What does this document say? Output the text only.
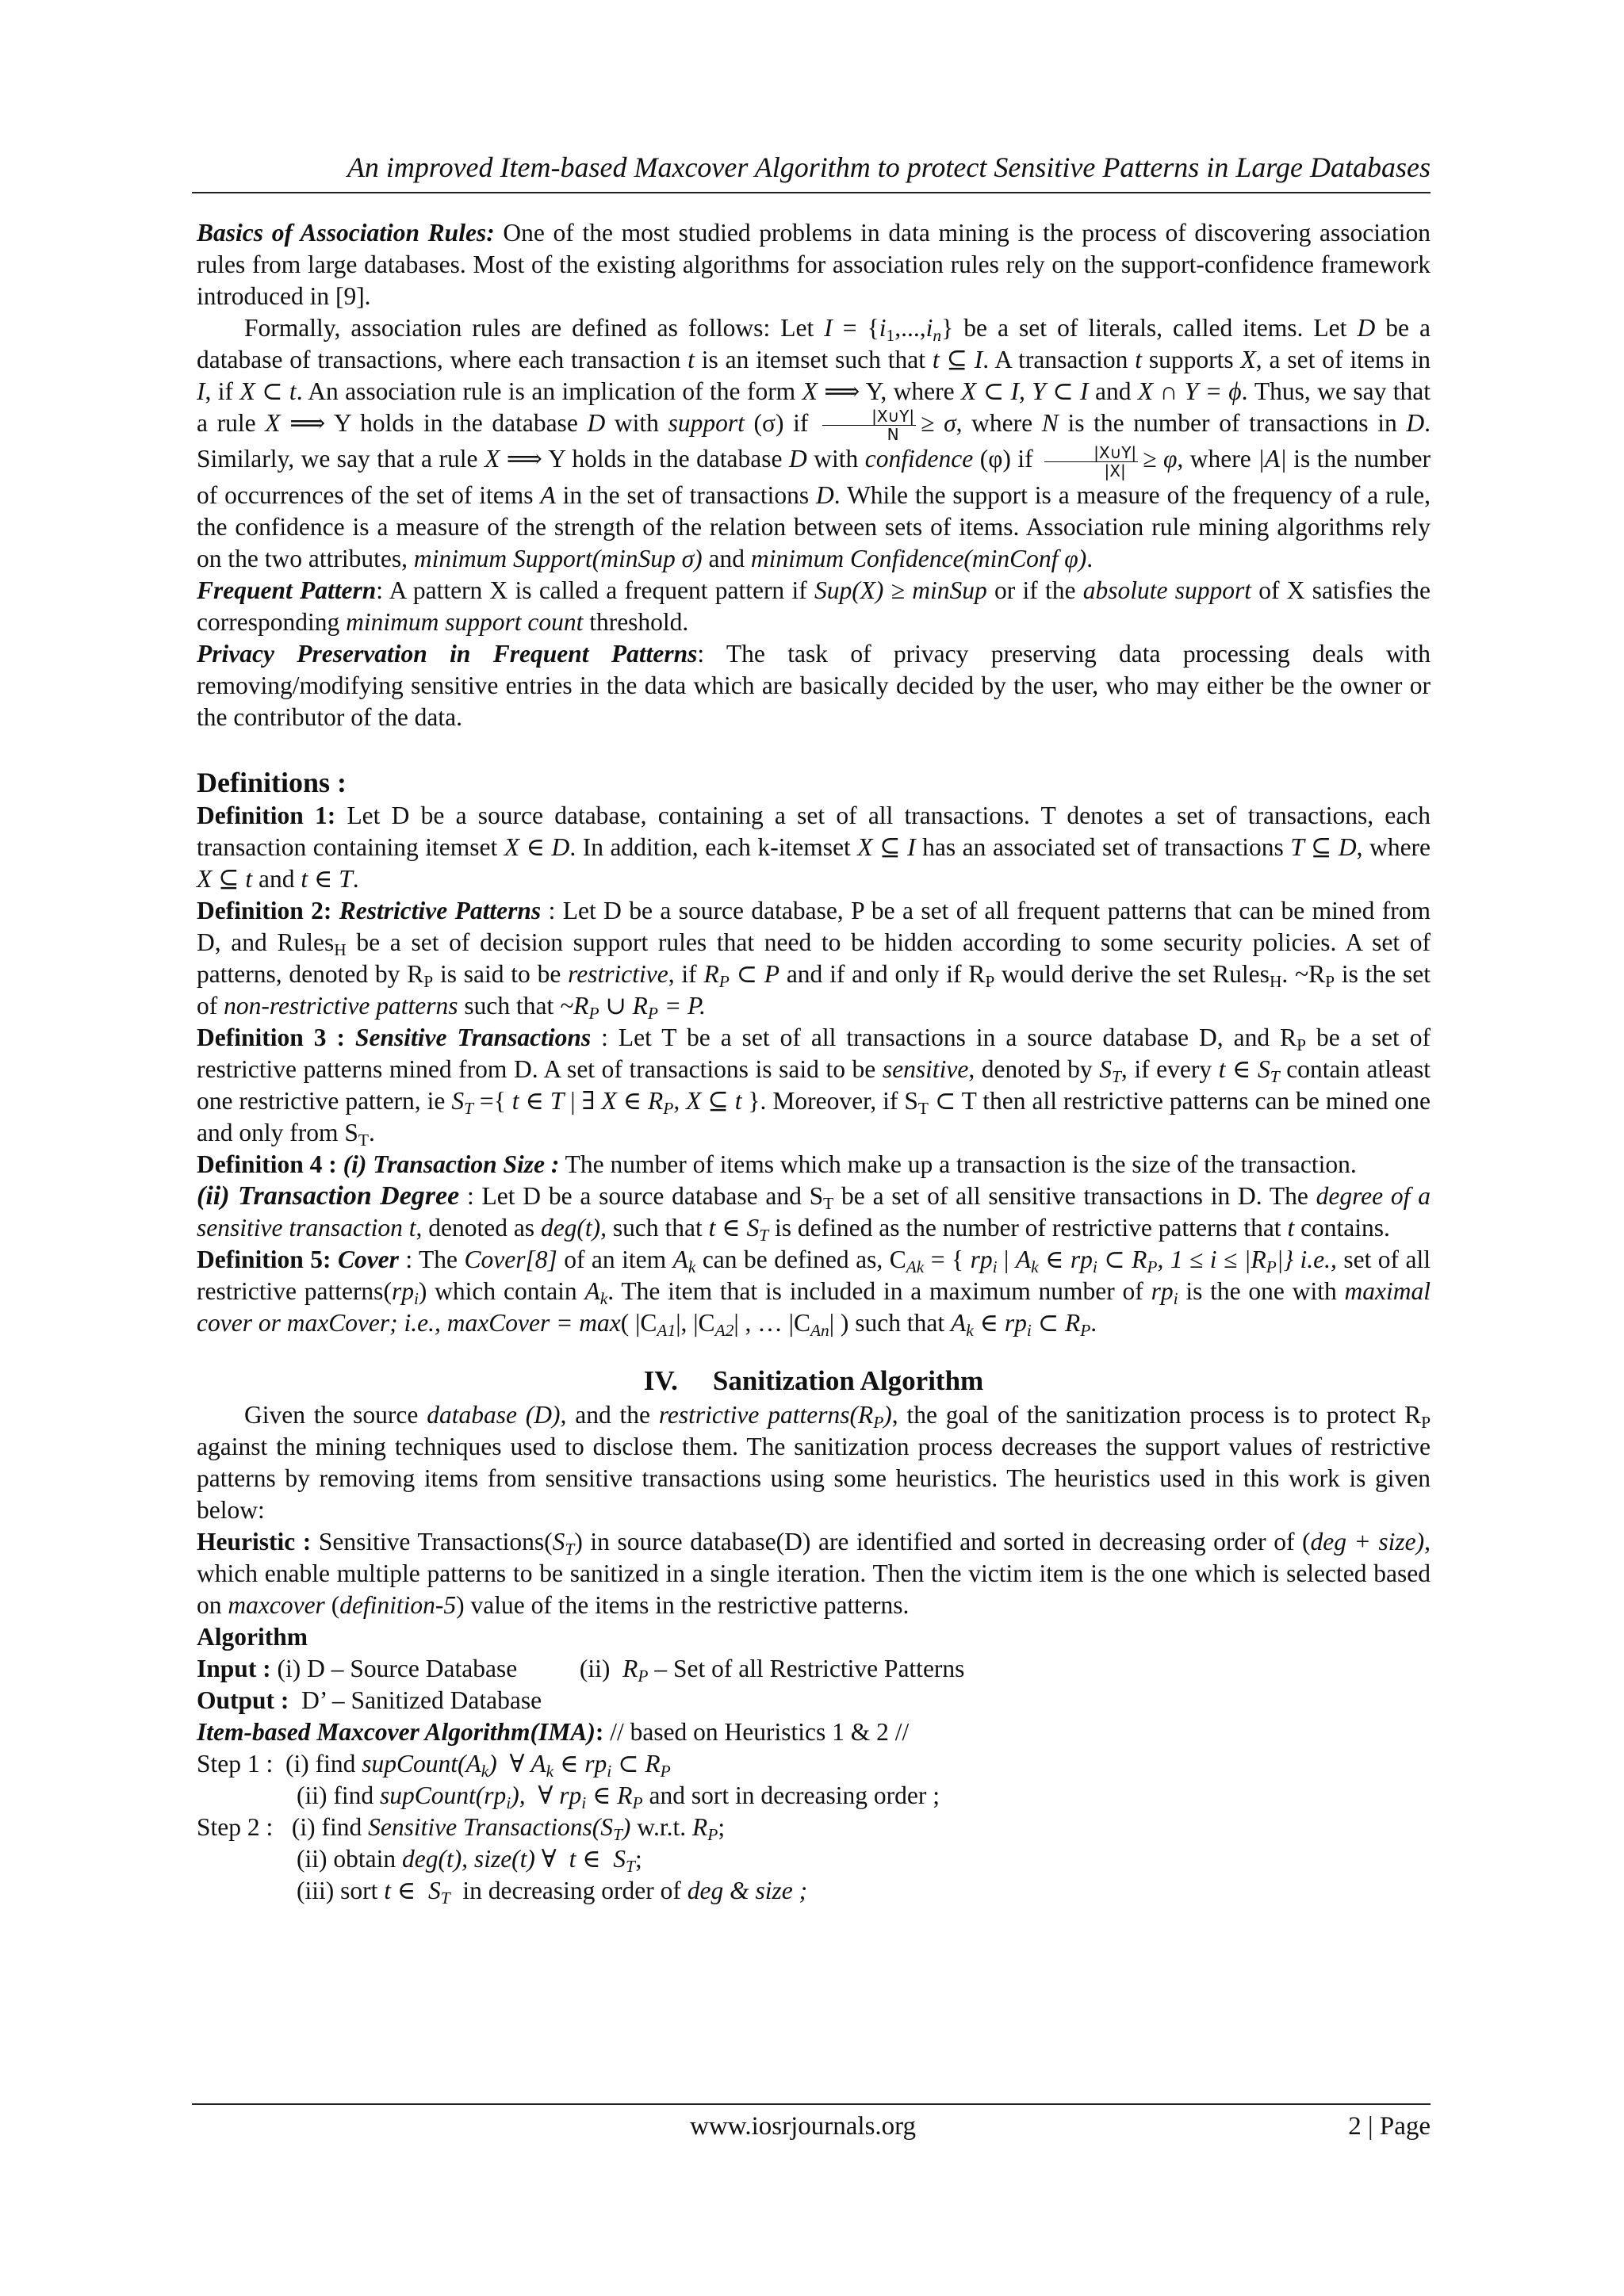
An improved Item-based Maxcover Algorithm to protect Sensitive Patterns in Large Databases

Basics of Association Rules: One of the most studied problems in data mining is the process of discovering association rules from large databases. Most of the existing algorithms for association rules rely on the support-confidence framework introduced in [9].

Formally, association rules are defined as follows: Let $I = \{i_1,...,i_n\}$ be a set of literals, called items. Let D be a database of transactions, where each transaction t is an itemset such that t ⊆ I. A transaction t supports X, a set of items in I, if X ⊂ t. An association rule is an implication of the form X ⟹ Y, where X ⊂ I, Y ⊂ I and X ∩ Y = ϕ. Thus, we say that a rule X ⟹ Y holds in the database D with support (σ) if $\frac{|X\cup Y|}{N} \ge \sigma$, where N is the number of transactions in D. Similarly, we say that a rule X ⟹ Y holds in the database D with confidence (φ) if $\frac{|X\cup Y|}{|X|} \ge \varphi$, where |A| is the number of occurrences of the set of items A in the set of transactions D. While the support is a measure of the frequency of a rule, the confidence is a measure of the strength of the relation between sets of items. Association rule mining algorithms rely on the two attributes, minimum Support(minSup σ) and minimum Confidence(minConf φ).

Frequent Pattern: A pattern X is called a frequent pattern if Sup(X) ≥ minSup or if the absolute support of X satisfies the corresponding minimum support count threshold.

Privacy Preservation in Frequent Patterns: The task of privacy preserving data processing deals with removing/modifying sensitive entries in the data which are basically decided by the user, who may either be the owner or the contributor of the data.

Definitions :

Definition 1: Let D be a source database, containing a set of all transactions. T denotes a set of transactions, each transaction containing itemset X ∈ D. In addition, each k-itemset X ⊆ I has an associated set of transactions T ⊆ D, where X ⊆ t and t ∈ T.

Definition 2: Restrictive Patterns : Let D be a source database, P be a set of all frequent patterns that can be mined from D, and Rules$_H$ be a set of decision support rules that need to be hidden according to some security policies. A set of patterns, denoted by $R_P$ is said to be restrictive, if $R_P$ ⊂ P and if and only if $R_P$ would derive the set Rules$_H$. $\sim R_P$ is the set of non-restrictive patterns such that $\sim R_P$ ∪ $R_P = P$.

Definition 3 : Sensitive Transactions : Let T be a set of all transactions in a source database D, and $R_P$ be a set of restrictive patterns mined from D. A set of transactions is said to be sensitive, denoted by $S_T$, if every t ∈ $S_T$ contain atleast one restrictive pattern, ie $S_T$ ={ t ∈ T | ∃ X ∈ $R_P$, X ⊆ t }. Moreover, if $S_T$ ⊂ T then all restrictive patterns can be mined one and only from $S_T$.

Definition 4 : (i) Transaction Size : The number of items which make up a transaction is the size of the transaction.

(ii) Transaction Degree : Let D be a source database and $S_T$ be a set of all sensitive transactions in D. The degree of a sensitive transaction t, denoted as deg(t), such that t ∈ $S_T$ is defined as the number of restrictive patterns that t contains.

Definition 5: Cover : The Cover[8] of an item $A_k$ can be defined as, $C_{Ak}$ = { $rp_i$ | $A_k$ ∈ $rp_i$ ⊂ $R_P$, $1 \le i \le |R_P|$} i.e., set of all restrictive $patterns(rp_i)$ which contain $A_k$. The item that is included in a maximum number of $rp_i$ is the one with maximal cover or maxCover; i.e., maxCover = max( $|C_{A1}|$, $|C_{A2}|$ , … $|C_{An}|$ ) such that $A_k$ ∈ $rp_i$ ⊂ $R_P$.

IV. Sanitization Algorithm

Given the source database (D), and the restrictive $patterns(R_P)$, the goal of the sanitization process is to protect $R_P$ against the mining techniques used to disclose them. The sanitization process decreases the support values of restrictive patterns by removing items from sensitive transactions using some heuristics. The heuristics used in this work is given below:

Heuristic : Sensitive $Transactions(S_T)$ in source database(D) are identified and sorted in decreasing order of (deg + size), which enable multiple patterns to be sanitized in a single iteration. Then the victim item is the one which is selected based on maxcover (definition-5) value of the items in the restrictive patterns.

Algorithm

Input : (i) D – Source Database          (ii)  $R_P$ – Set of all Restrictive Patterns

Output :  D’ – Sanitized Database

Item-based Maxcover Algorithm(IMA): // based on Heuristics 1 & 2 //

Step 1 :  (i) find $supCount(A_k)$  ∀ $A_k$ ∈ $rp_i$ ⊂ $R_P$

(ii) find $supCount(rp_i)$,  ∀ $rp_i$ ∈ $R_P$ and sort in decreasing order ;

Step 2 :   (i) find Sensitive $Transactions(S_T)$ w.r.t. $R_P$;

(ii) obtain deg(t), size(t) ∀  t ∈  $S_T$;

(iii) sort t ∈  $S_T$  in decreasing order of deg & size ;

www.iosrjournals.org	2 | Page
